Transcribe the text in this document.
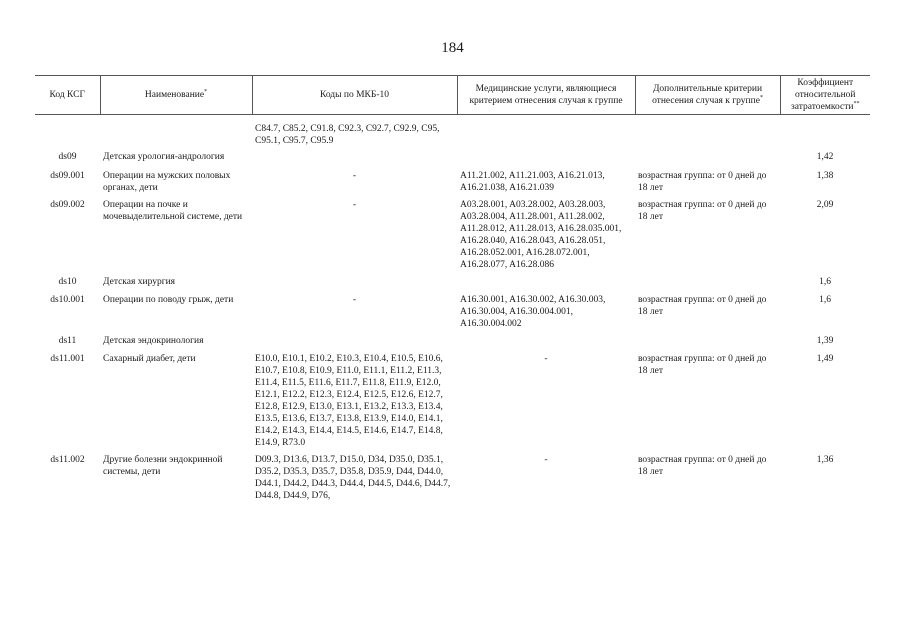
184
Код КСГ	Наименование*	Коды по МКБ-10	Медицинские услуги, являющиеся критерием отнесения случая к группе	Дополнительные критерии отнесения случая к группе*	Коэффициент относительной затратоемкости**
		C84.7, C85.2, C91.8, C92.3, C92.7, C92.9, C95, C95.1, C95.7, C95.9			
ds09	Детская урология-андрология				1,42
ds09.001	Операции на мужских половых органах, дети	-	A11.21.002, A11.21.003, A16.21.013, A16.21.038, A16.21.039	возрастная группа: от 0 дней до 18 лет	1,38
ds09.002	Операции на почке и мочевыделительной системе, дети	-	A03.28.001, A03.28.002, A03.28.003, A03.28.004, A11.28.001, A11.28.002, A11.28.012, A11.28.013, A16.28.035.001, A16.28.040, A16.28.043, A16.28.051, A16.28.052.001, A16.28.072.001, A16.28.077, A16.28.086	возрастная группа: от 0 дней до 18 лет	2,09
ds10	Детская хирургия				1,6
ds10.001	Операции по поводу грыж, дети	-	A16.30.001, A16.30.002, A16.30.003, A16.30.004, A16.30.004.001, A16.30.004.002	возрастная группа: от 0 дней до 18 лет	1,6
ds11	Детская эндокринология				1,39
ds11.001	Сахарный диабет, дети	E10.0, E10.1, E10.2, E10.3, E10.4, E10.5, E10.6, E10.7, E10.8, E10.9, E11.0, E11.1, E11.2, E11.3, E11.4, E11.5, E11.6, E11.7, E11.8, E11.9, E12.0, E12.1, E12.2, E12.3, E12.4, E12.5, E12.6, E12.7, E12.8, E12.9, E13.0, E13.1, E13.2, E13.3, E13.4, E13.5, E13.6, E13.7, E13.8, E13.9, E14.0, E14.1, E14.2, E14.3, E14.4, E14.5, E14.6, E14.7, E14.8, E14.9, R73.0	-	возрастная группа: от 0 дней до 18 лет	1,49
ds11.002	Другие болезни эндокринной системы, дети	D09.3, D13.6, D13.7, D15.0, D34, D35.0, D35.1, D35.2, D35.3, D35.7, D35.8, D35.9, D44, D44.0, D44.1, D44.2, D44.3, D44.4, D44.5, D44.6, D44.7, D44.8, D44.9, D76,	-	возрастная группа: от 0 дней до 18 лет	1,36
